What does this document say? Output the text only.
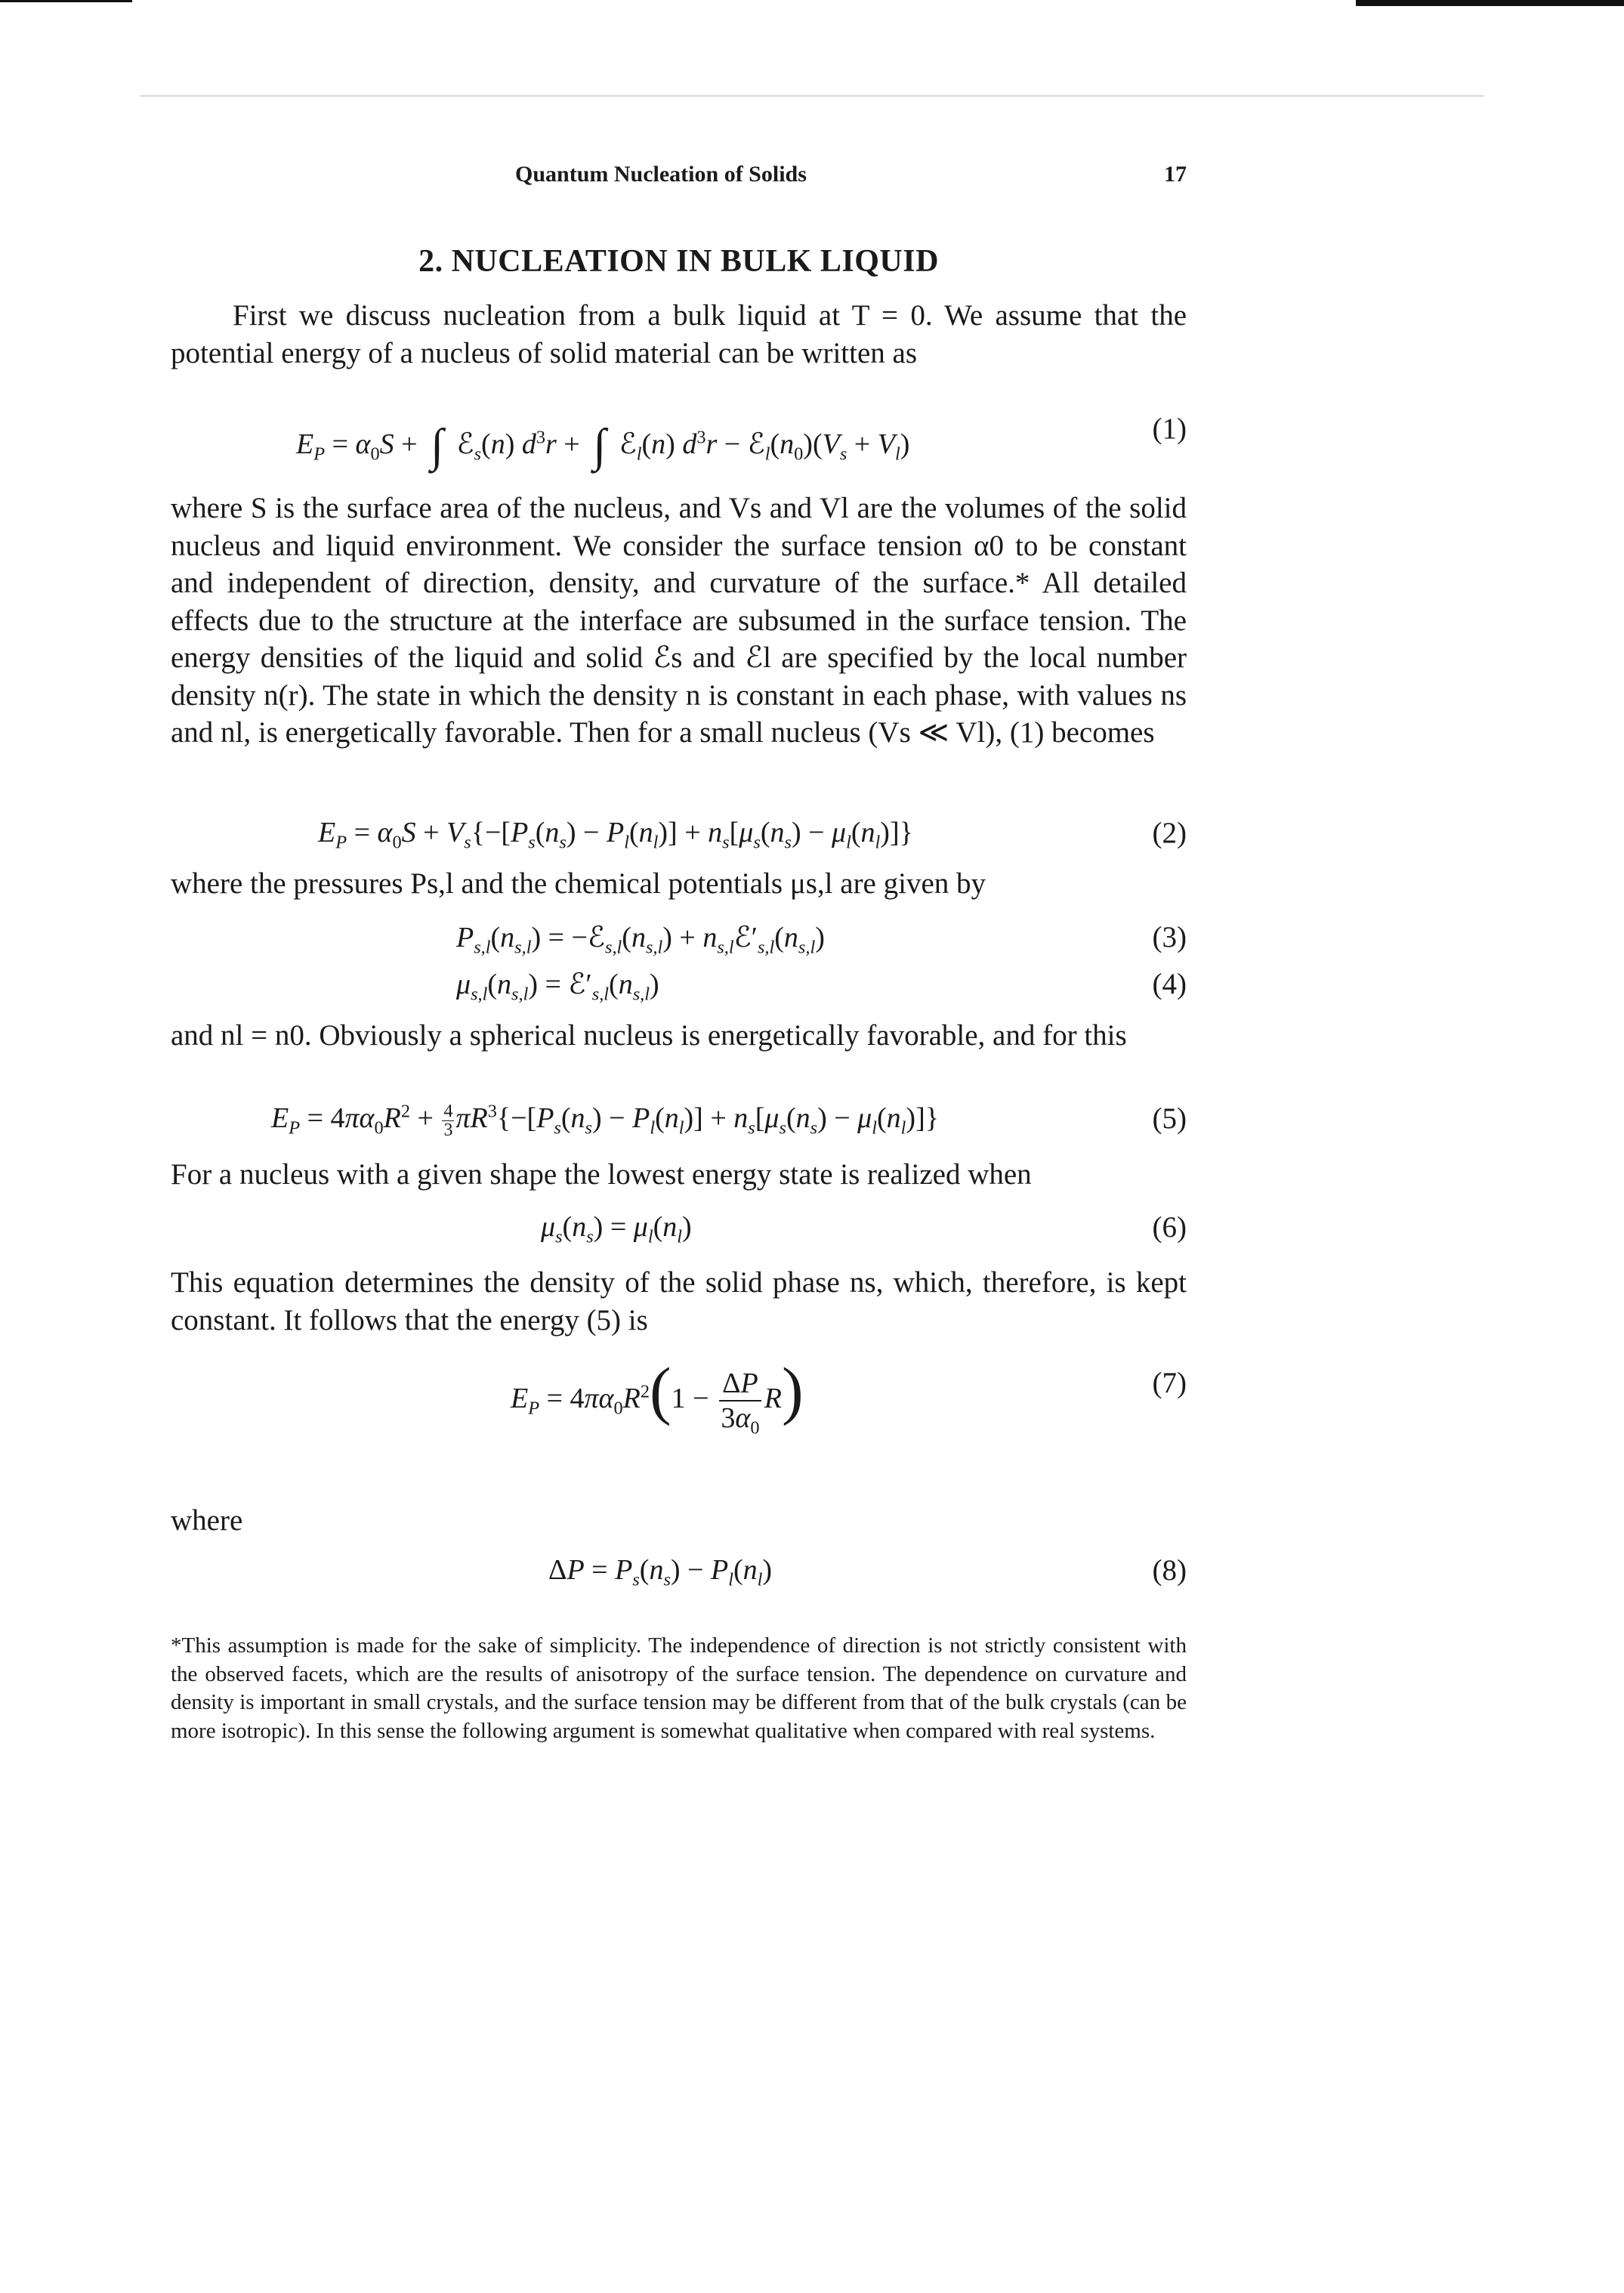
Quantum Nucleation of Solids	17
2. NUCLEATION IN BULK LIQUID

First we discuss nucleation from a bulk liquid at T = 0. We assume that the potential energy of a nucleus of solid material can be written as

$E_P = \alpha_0S$ + ∫ ℰ$_s$(n) $d^3r$ + ∫ ℰ$_l$(n) $d^3r$ − $ℰ_l(n_0)(V_s + V_l)$	(1)

where S is the surface area of the nucleus, and Vs and Vl are the volumes of the solid nucleus and liquid environment. We consider the surface tension α0 to be constant and independent of direction, density, and curvature of the surface.* All detailed effects due to the structure at the interface are subsumed in the surface tension. The energy densities of the liquid and solid ℰs and ℰl are specified by the local number density n(r). The state in which the density n is constant in each phase, with values ns and nl, is energetically favorable. Then for a small nucleus (Vs ≪ Vl), (1) becomes

$E_P = \alpha_0S + V_s\{-[P_s(n_s) - P_l(n_l)] + n_s[\mu_s(n_s) - \mu_l(n_l)]\}$	(2)

where the pressures Ps,l and the chemical potentials μs,l are given by

$P_{s,l}(n_{s,l})$ = $-ℰ_{s,l}(n_{s,l})$ + $n_{s,l}ℰ'_{s,l}(n_{s,l})$	(3)
$\mu_{s,l}(n_{s,l})$ = $ℰ'_{s,l}(n_{s,l})$	(4)

and nl = n0. Obviously a spherical nucleus is energetically favorable, and for this

$E_P = 4\pi\alpha_0R^2 + \frac{4}{3} \pi R^3\{-[P_s(n_s) - P_l(n_l)] + n_s[\mu_s(n_s) - \mu_l(n_l)]\}$	(5)

For a nucleus with a given shape the lowest energy state is realized when

$\mu_s(n_s) = \mu_l(n_l)$	(6)

This equation determines the density of the solid phase ns, which, therefore, is kept constant. It follows that the energy (5) is

$E_P = 4\pi\alpha_0R^2(1 - \frac{\Delta P}{3\alpha_0} R)$	(7)

where

$\Delta P = P_s(n_s) - P_l(n_l)$	(8)
*This assumption is made for the sake of simplicity. The independence of direction is not strictly consistent with the observed facets, which are the results of anisotropy of the surface tension. The dependence on curvature and density is important in small crystals, and the surface tension may be different from that of the bulk crystals (can be more isotropic). In this sense the following argument is somewhat qualitative when compared with real systems.
